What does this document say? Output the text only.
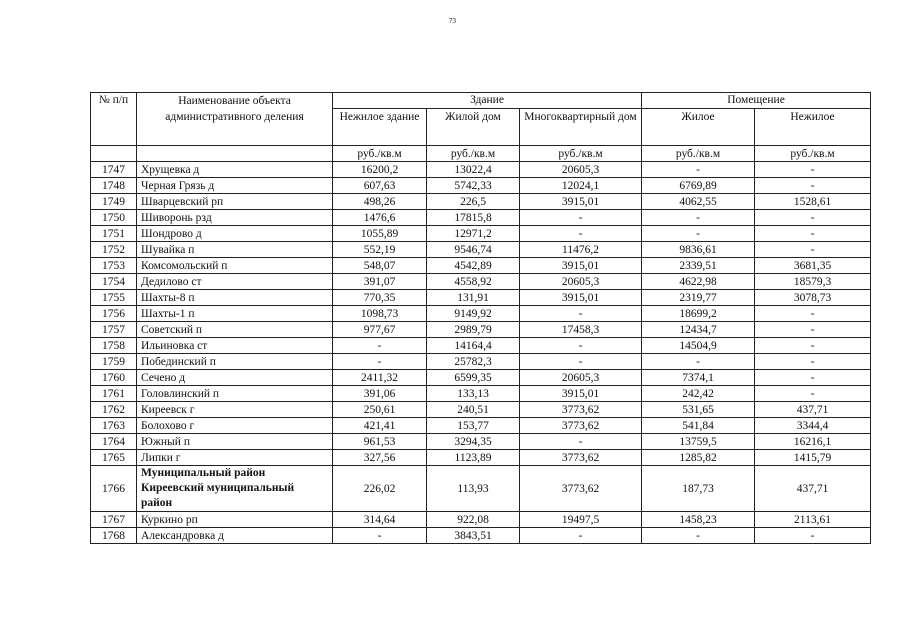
73
№ п/п	Наименование объекта административного деления	Здание			Помещение	
		Нежилое здание	Жилой дом	Многоквартирный дом	Жилое	Нежилое
		руб./кв.м	руб./кв.м	руб./кв.м	руб./кв.м	руб./кв.м
1747	Хрущевка д	16200,2	13022,4	20605,3	-	-
1748	Черная Грязь д	607,63	5742,33	12024,1	6769,89	-
1749	Шварцевский рп	498,26	226,5	3915,01	4062,55	1528,61
1750	Шиворонь рзд	1476,6	17815,8	-	-	-
1751	Шондрово д	1055,89	12971,2	-	-	-
1752	Шувайка п	552,19	9546,74	11476,2	9836,61	-
1753	Комсомольский п	548,07	4542,89	3915,01	2339,51	3681,35
1754	Дедилово ст	391,07	4558,92	20605,3	4622,98	18579,3
1755	Шахты-8 п	770,35	131,91	3915,01	2319,77	3078,73
1756	Шахты-1 п	1098,73	9149,92	-	18699,2	-
1757	Советский п	977,67	2989,79	17458,3	12434,7	-
1758	Ильиновка ст	-	14164,4	-	14504,9	-
1759	Побединский п	-	25782,3	-	-	-
1760	Сечено д	2411,32	6599,35	20605,3	7374,1	-
1761	Головлинский п	391,06	133,13	3915,01	242,42	-
1762	Киреевск г	250,61	240,51	3773,62	531,65	437,71
1763	Болохово г	421,41	153,77	3773,62	541,84	3344,4
1764	Южный п	961,53	3294,35	-	13759,5	16216,1
1765	Липки г	327,56	1123,89	3773,62	1285,82	1415,79
1766	Муниципальный район Киреевский муниципальный район	226,02	113,93	3773,62	187,73	437,71
1767	Куркино рп	314,64	922,08	19497,5	1458,23	2113,61
1768	Александровка д	-	3843,51	-	-	-
